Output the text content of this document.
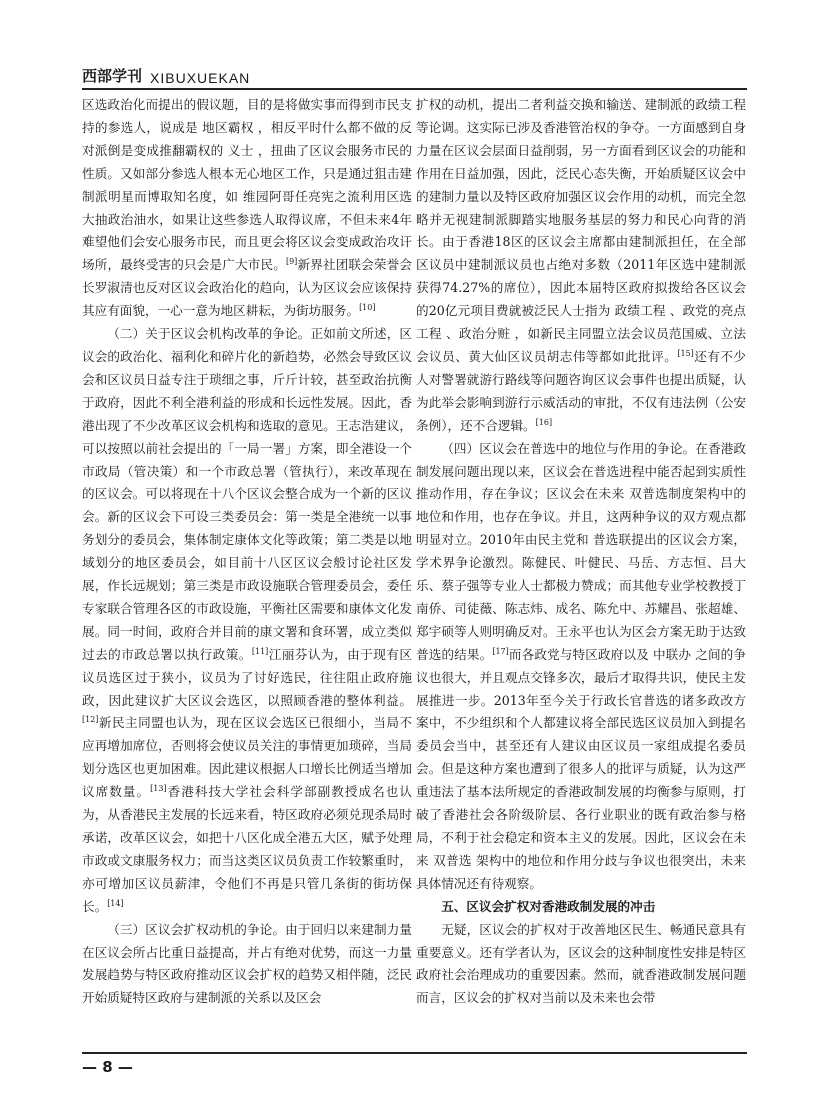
西部学刊 XIBUXUEKAN

区选政治化而提出的假议题，目的是将做实事而得到市民支持的参选人，说成是 地区霸权 ，相反平时什么都不做的反对派倒是变成推翻霸权的 义士 ，扭曲了区议会服务市民的性质。又如部分参选人根本无心地区工作，只是通过狙击建制派明星而博取知名度，如 维园阿哥任亮宪之流利用区选大抽政治油水，如果让这些参选人取得议席，不但未来4年难望他们会安心服务市民，而且更会将区议会变成政治攻讦场所，最终受害的只会是广大市民。[9]新界社团联会荣誉会长罗淑清也反对区议会政治化的趋向，认为区议会应该保持其应有面貌，一心一意为地区耕耘，为街坊服务。[10]

（二）关于区议会机构改革的争论。正如前文所述，区议会的政治化、福利化和碎片化的新趋势，必然会导致区议会和区议员日益专注于琐细之事，斤斤计较，甚至政治抗衡于政府，因此不利全港利益的形成和长远性发展。因此，香港出现了不少改革区议会机构和选取的意见。王志浩建议，可以按照以前社会提出的「一局一署」方案，即全港设一个市政局（管决策）和一个市政总署（管执行），来改革现在的区议会。可以将现在十八个区议会整合成为一个新的区议会。新的区议会下可设三类委员会：第一类是全港统一以事务划分的委员会，集体制定康体文化等政策；第二类是以地域划分的地区委员会，如目前十八区区议会般讨论社区发展，作长远规划；第三类是市政设施联合管理委员会，委任专家联合管理各区的市政设施，平衡社区需要和康体文化发展。同一时间，政府合并目前的康文署和食环署，成立类似过去的市政总署以执行政策。[11]江丽芬认为，由于现有区议员选区过于狭小，议员为了讨好选民，往往阻止政府施政，因此建议扩大区议会选区，以照顾香港的整体利益。[12]新民主同盟也认为，现在区议会选区已很细小，当局不应再增加席位，否则将会使议员关注的事情更加琐碎，当局划分选区也更加困难。因此建议根据人口增长比例适当增加议席数量。[13]香港科技大学社会科学部副教授成名也认为，从香港民主发展的长远来看，特区政府必须兑现杀局时承诺，改革区议会，如把十八区化成全港五大区，赋予处理市政或文康服务权力；而当这类区议员负责工作较繁重时，亦可增加区议员薪津，令他们不再是只管几条街的街坊保长。[14]

（三）区议会扩权动机的争论。由于回归以来建制力量在区议会所占比重日益提高，并占有绝对优势，而这一力量发展趋势与特区政府推动区议会扩权的趋势又相伴随，泛民开始质疑特区政府与建制派的关系以及区会

扩权的动机，提出二者利益交换和输送、建制派的政绩工程等论调。这实际已涉及香港管治权的争夺。一方面感到自身力量在区议会层面日益削弱，另一方面看到区议会的功能和作用在日益加强，因此，泛民心态失衡，开始质疑区议会中的建制力量以及特区政府加强区议会作用的动机，而完全忽略并无视建制派脚踏实地服务基层的努力和民心向背的消长。由于香港18区的区议会主席都由建制派担任，在全部区议员中建制派议员也占绝对多数（2011年区选中建制派获得74.27%的席位），因此本届特区政府拟拨给各区议会的20亿元项目费就被泛民人士指为 政绩工程 、政党的亮点工程 、政治分赃 ，如新民主同盟立法会议员范国威、立法会议员、黄大仙区议员胡志伟等都如此批评。[15]还有不少人对警署就游行路线等问题咨询区议会事件也提出质疑，认为此举会影响到游行示威活动的审批，不仅有违法例（公安条例），还不合逻辑。[16]

（四）区议会在普选中的地位与作用的争论。在香港政制发展问题出现以来，区议会在普选进程中能否起到实质性推动作用，存在争议；区议会在未来 双普选制度架构中的地位和作用，也存在争议。并且，这两种争议的双方观点都明显对立。2010年由民主党和 普选联提出的区议会方案，学术界争论激烈。陈健民、叶健民、马岳、方志恒、吕大乐、蔡子强等专业人士都极力赞成；而其他专业学校教授丁南侨、司徒薇、陈志炜、成名、陈允中、苏耀昌、张超雄、郑宇硕等人则明确反对。王永平也认为区会方案无助于达致普选的结果。[17]而各政党与特区政府以及 中联办 之间的争议也很大，并且观点交锋多次，最后才取得共识，使民主发展推进一步。2013年至今关于行政长官普选的诸多政改方案中，不少组织和个人都建议将全部民选区议员加入到提名委员会当中，甚至还有人建议由区议员一家组成提名委员会。但是这种方案也遭到了很多人的批评与质疑，认为这严重违法了基本法所规定的香港政制发展的均衡参与原则，打破了香港社会各阶级阶层、各行业职业的既有政治参与格局，不利于社会稳定和资本主义的发展。因此，区议会在未来 双普选 架构中的地位和作用分歧与争议也很突出，未来具体情况还有待观察。

五、区议会扩权对香港政制发展的冲击

无疑，区议会的扩权对于改善地区民生、畅通民意具有重要意义。还有学者认为，区议会的这种制度性安排是特区政府社会治理成功的重要因素。然而，就香港政制发展问题而言，区议会的扩权对当前以及未来也会带

— 8 —
